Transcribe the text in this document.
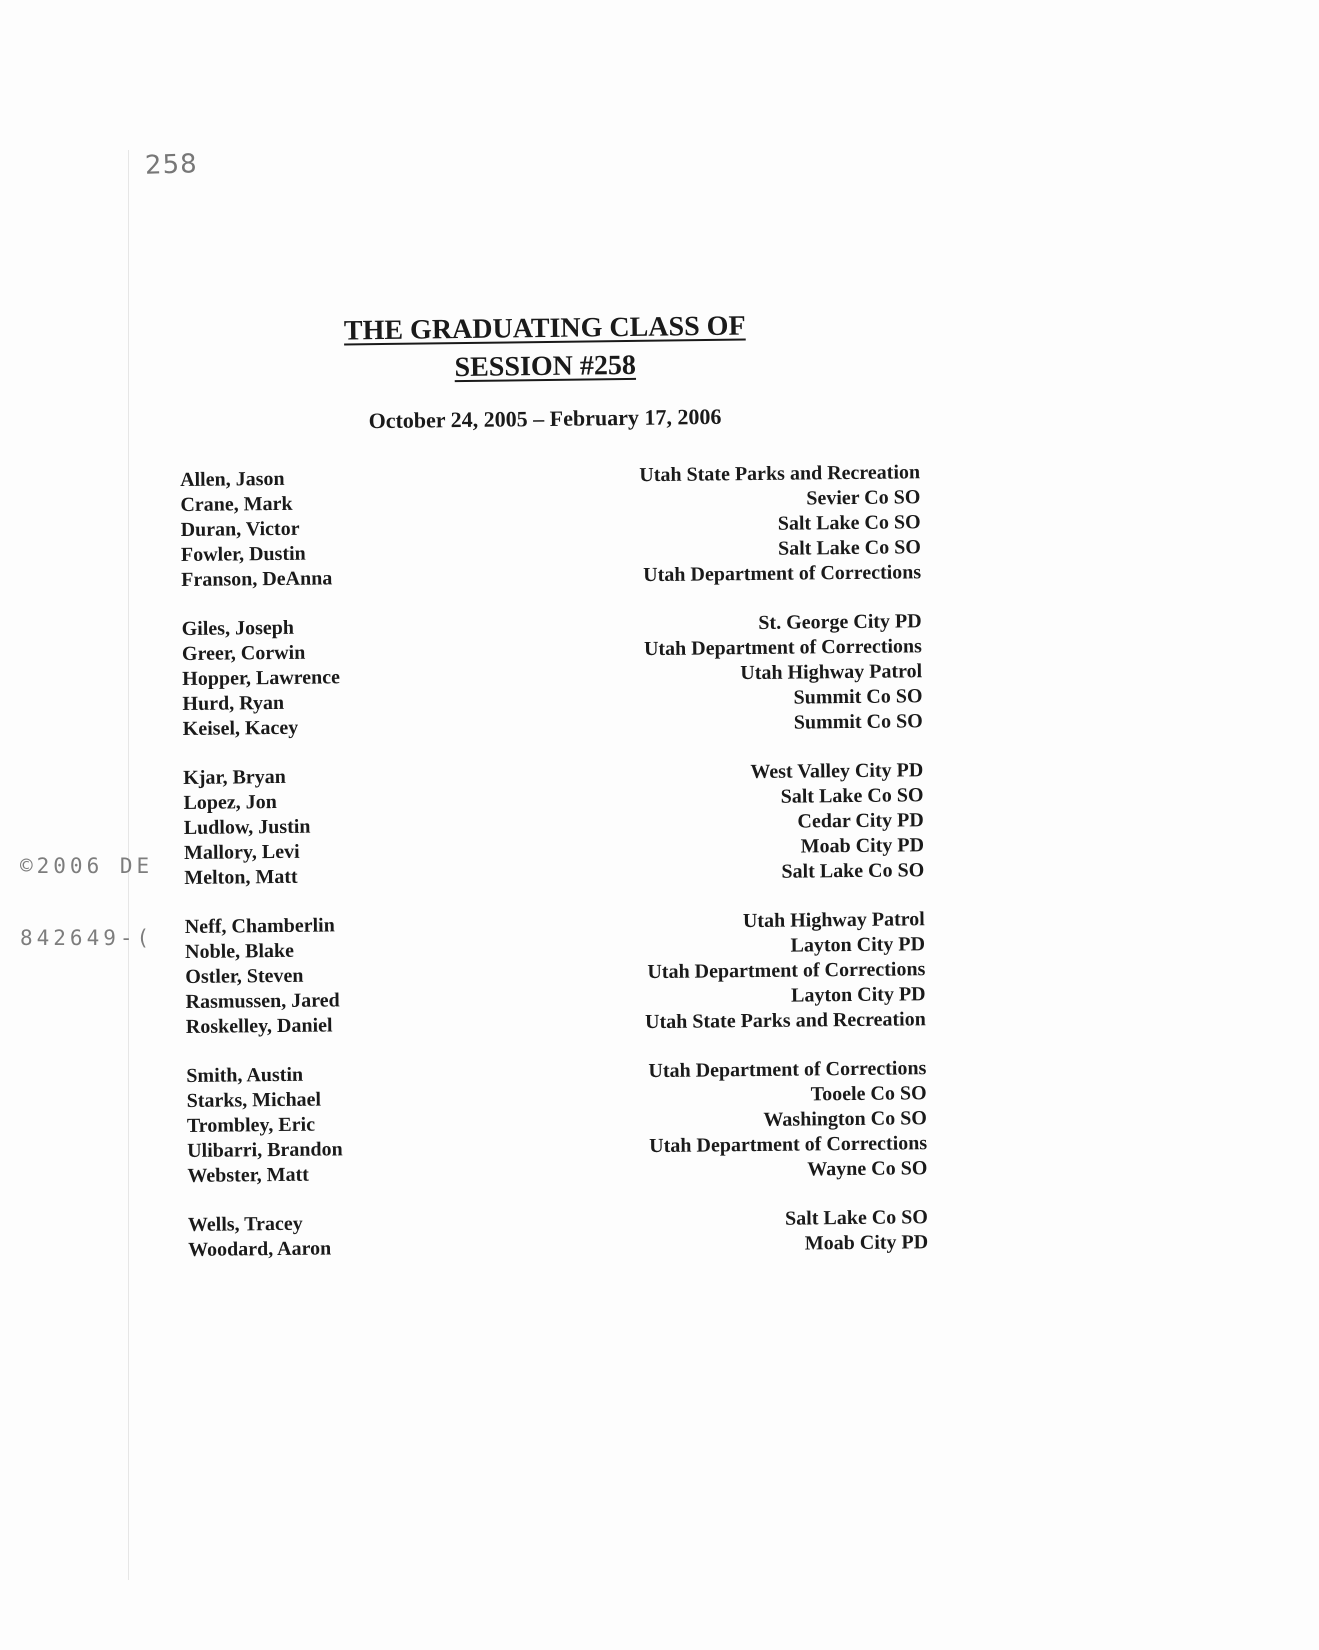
258

©2006 DE

842649-(

THE GRADUATING CLASS OF
SESSION #258
October 24, 2005 – February 17, 2006
Allen, Jason	Utah State Parks and Recreation
Crane, Mark	Sevier Co SO
Duran, Victor	Salt Lake Co SO
Fowler, Dustin	Salt Lake Co SO
Franson, DeAnna	Utah Department of Corrections
Giles, Joseph	St. George City PD
Greer, Corwin	Utah Department of Corrections
Hopper, Lawrence	Utah Highway Patrol
Hurd, Ryan	Summit Co SO
Keisel, Kacey	Summit Co SO
Kjar, Bryan	West Valley City PD
Lopez, Jon	Salt Lake Co SO
Ludlow, Justin	Cedar City PD
Mallory, Levi	Moab City PD
Melton, Matt	Salt Lake Co SO
Neff, Chamberlin	Utah Highway Patrol
Noble, Blake	Layton City PD
Ostler, Steven	Utah Department of Corrections
Rasmussen, Jared	Layton City PD
Roskelley, Daniel	Utah State Parks and Recreation
Smith, Austin	Utah Department of Corrections
Starks, Michael	Tooele Co SO
Trombley, Eric	Washington Co SO
Ulibarri, Brandon	Utah Department of Corrections
Webster, Matt	Wayne Co SO
Wells, Tracey	Salt Lake Co SO
Woodard, Aaron	Moab City PD
